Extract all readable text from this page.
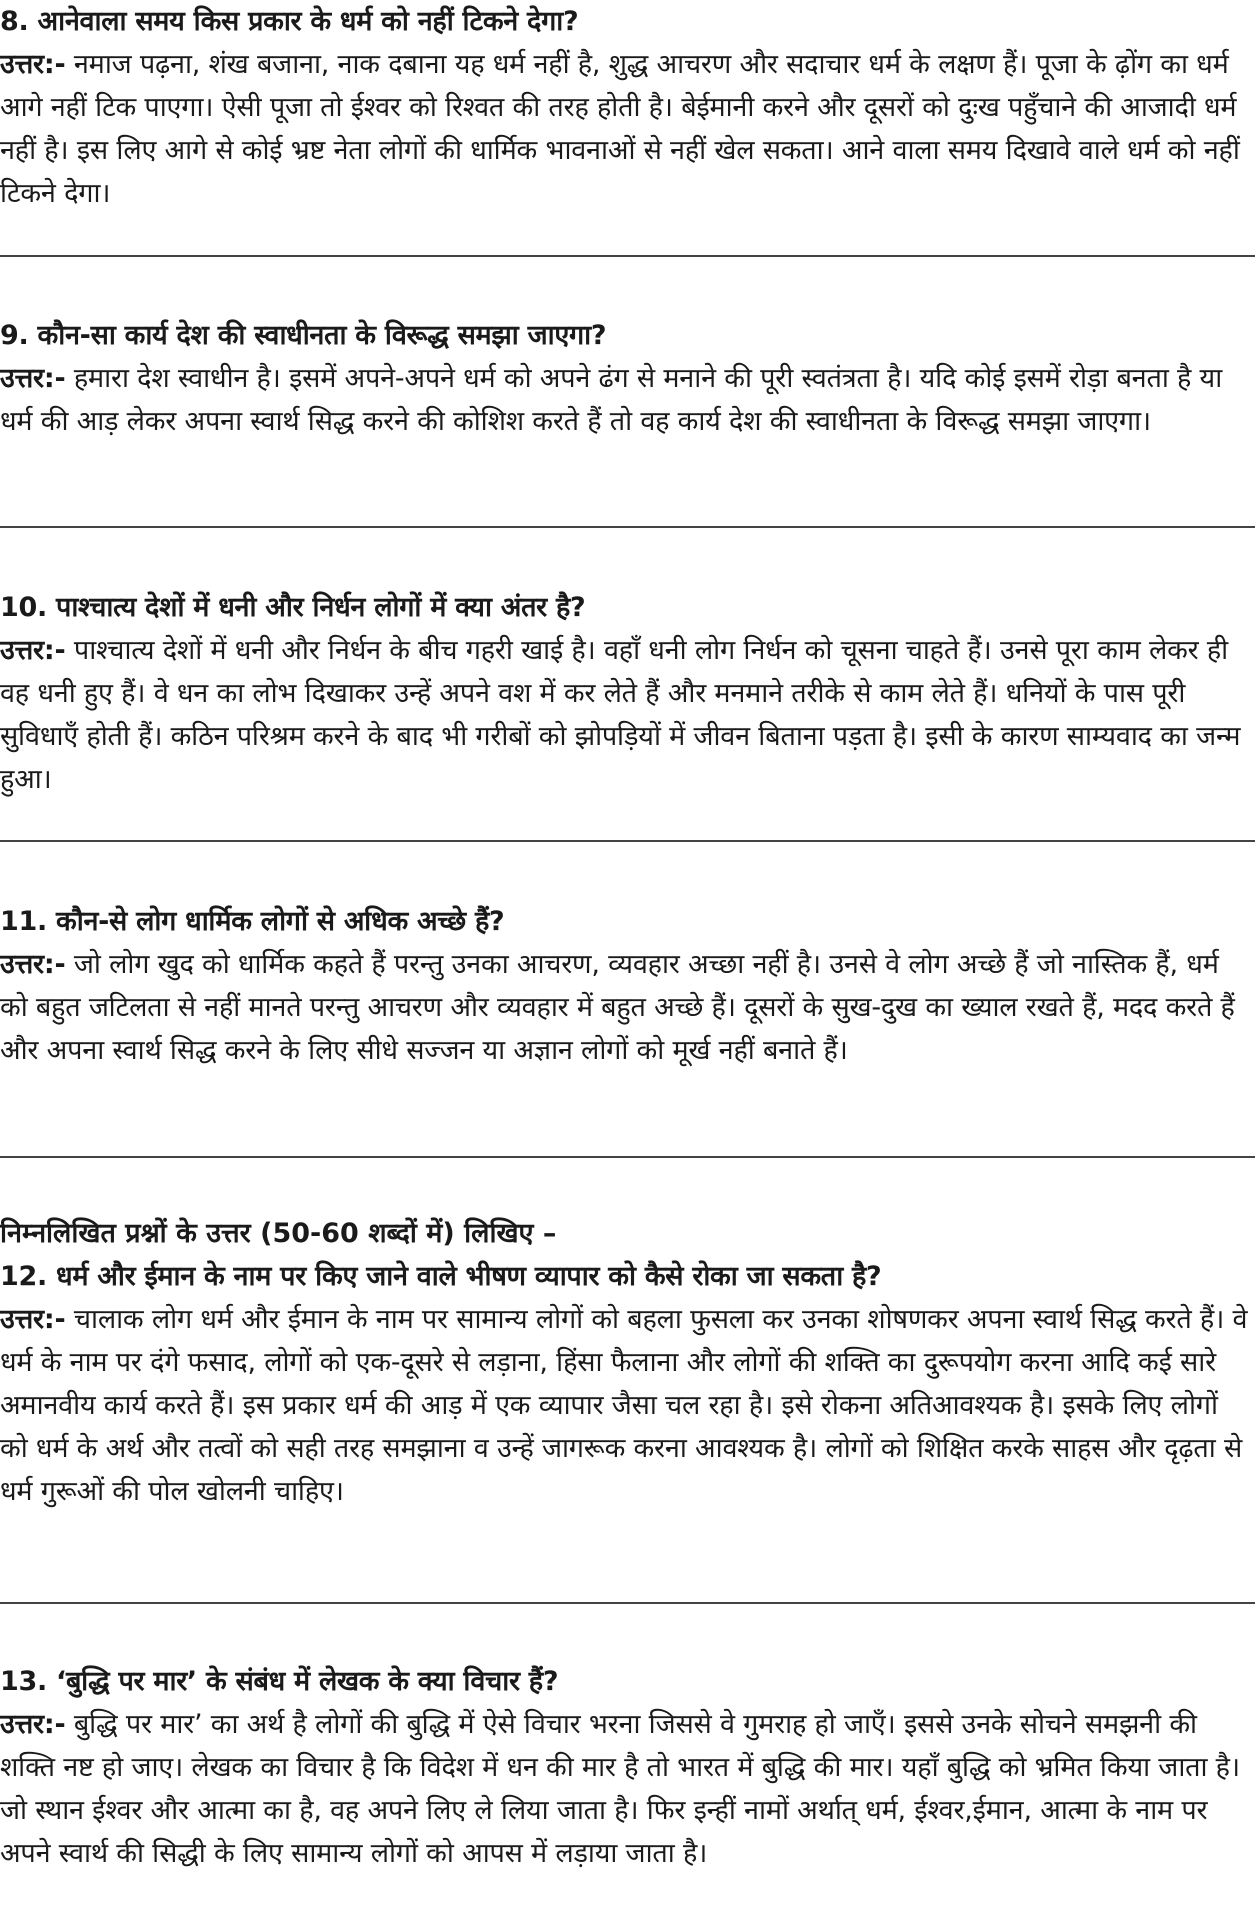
8. आनेवाला समय किस प्रकार के धर्म को नहीं टिकने देगा?

उत्तर:- नमाज पढ़ना, शंख बजाना, नाक दबाना यह धर्म नहीं है, शुद्ध आचरण और सदाचार धर्म के लक्षण हैं। पूजा के ढ़ोंग का धर्म आगे नहीं टिक पाएगा। ऐसी पूजा तो ईश्वर को रिश्वत की तरह होती है। बेईमानी करने और दूसरों को दुःख पहुँचाने की आजादी धर्म नहीं है। इस लिए आगे से कोई भ्रष्ट नेता लोगों की धार्मिक भावनाओं से नहीं खेल सकता। आने वाला समय दिखावे वाले धर्म को नहीं टिकने देगा।

9. कौन-सा कार्य देश की स्वाधीनता के विरूद्ध समझा जाएगा?

उत्तर:- हमारा देश स्वाधीन है। इसमें अपने-अपने धर्म को अपने ढंग से मनाने की पूरी स्वतंत्रता है। यदि कोई इसमें रोड़ा बनता है या धर्म की आड़ लेकर अपना स्वार्थ सिद्ध करने की कोशिश करते हैं तो वह कार्य देश की स्वाधीनता के विरूद्ध समझा जाएगा।

10. पाश्चात्य देशों में धनी और निर्धन लोगों में क्या अंतर है?

उत्तर:- पाश्चात्य देशों में धनी और निर्धन के बीच गहरी खाई है। वहाँ धनी लोग निर्धन को चूसना चाहते हैं। उनसे पूरा काम लेकर ही वह धनी हुए हैं। वे धन का लोभ दिखाकर उन्हें अपने वश में कर लेते हैं और मनमाने तरीके से काम लेते हैं। धनियों के पास पूरी सुविधाएँ होती हैं। कठिन परिश्रम करने के बाद भी गरीबों को झोपड़ियों में जीवन बिताना पड़ता है। इसी के कारण साम्यवाद का जन्म हुआ।

11. कौन-से लोग धार्मिक लोगों से अधिक अच्छे हैं?

उत्तर:- जो लोग खुद को धार्मिक कहते हैं परन्तु उनका आचरण, व्यवहार अच्छा नहीं है। उनसे वे लोग अच्छे हैं जो नास्तिक हैं, धर्म को बहुत जटिलता से नहीं मानते परन्तु आचरण और व्यवहार में बहुत अच्छे हैं। दूसरों के सुख-दुख का ख्याल रखते हैं, मदद करते हैं और अपना स्वार्थ सिद्ध करने के लिए सीधे सज्जन या अज्ञान लोगों को मूर्ख नहीं बनाते हैं।

निम्नलिखित प्रश्नों के उत्तर (50-60 शब्दों में) लिखिए –

12. धर्म और ईमान के नाम पर किए जाने वाले भीषण व्यापार को कैसे रोका जा सकता है?

उत्तर:- चालाक लोग धर्म और ईमान के नाम पर सामान्य लोगों को बहला फुसला कर उनका शोषणकर अपना स्वार्थ सिद्ध करते हैं। वे धर्म के नाम पर दंगे फसाद, लोगों को एक-दूसरे से लड़ाना, हिंसा फैलाना और लोगों की शक्ति का दुरूपयोग करना आदि कई सारे अमानवीय कार्य करते हैं। इस प्रकार धर्म की आड़ में एक व्यापार जैसा चल रहा है। इसे रोकना अतिआवश्यक है। इसके लिए लोगों को धर्म के अर्थ और तत्वों को सही तरह समझाना व उन्हें जागरूक करना आवश्यक है। लोगों को शिक्षित करके साहस और दृढ़ता से धर्म गुरूओं की पोल खोलनी चाहिए।

13. ‘बुद्धि पर मार’ के संबंध में लेखक के क्या विचार हैं?

उत्तर:- बुद्धि पर मार’ का अर्थ है लोगों की बुद्धि में ऐसे विचार भरना जिससे वे गुमराह हो जाएँ। इससे उनके सोचने समझनी की शक्ति नष्ट हो जाए। लेखक का विचार है कि विदेश में धन की मार है तो भारत में बुद्धि की मार। यहाँ बुद्धि को भ्रमित किया जाता है। जो स्थान ईश्वर और आत्मा का है, वह अपने लिए ले लिया जाता है। फिर इन्हीं नामों अर्थात् धर्म, ईश्वर,ईमान, आत्मा के नाम पर अपने स्वार्थ की सिद्धी के लिए सामान्य लोगों को आपस में लड़ाया जाता है।
